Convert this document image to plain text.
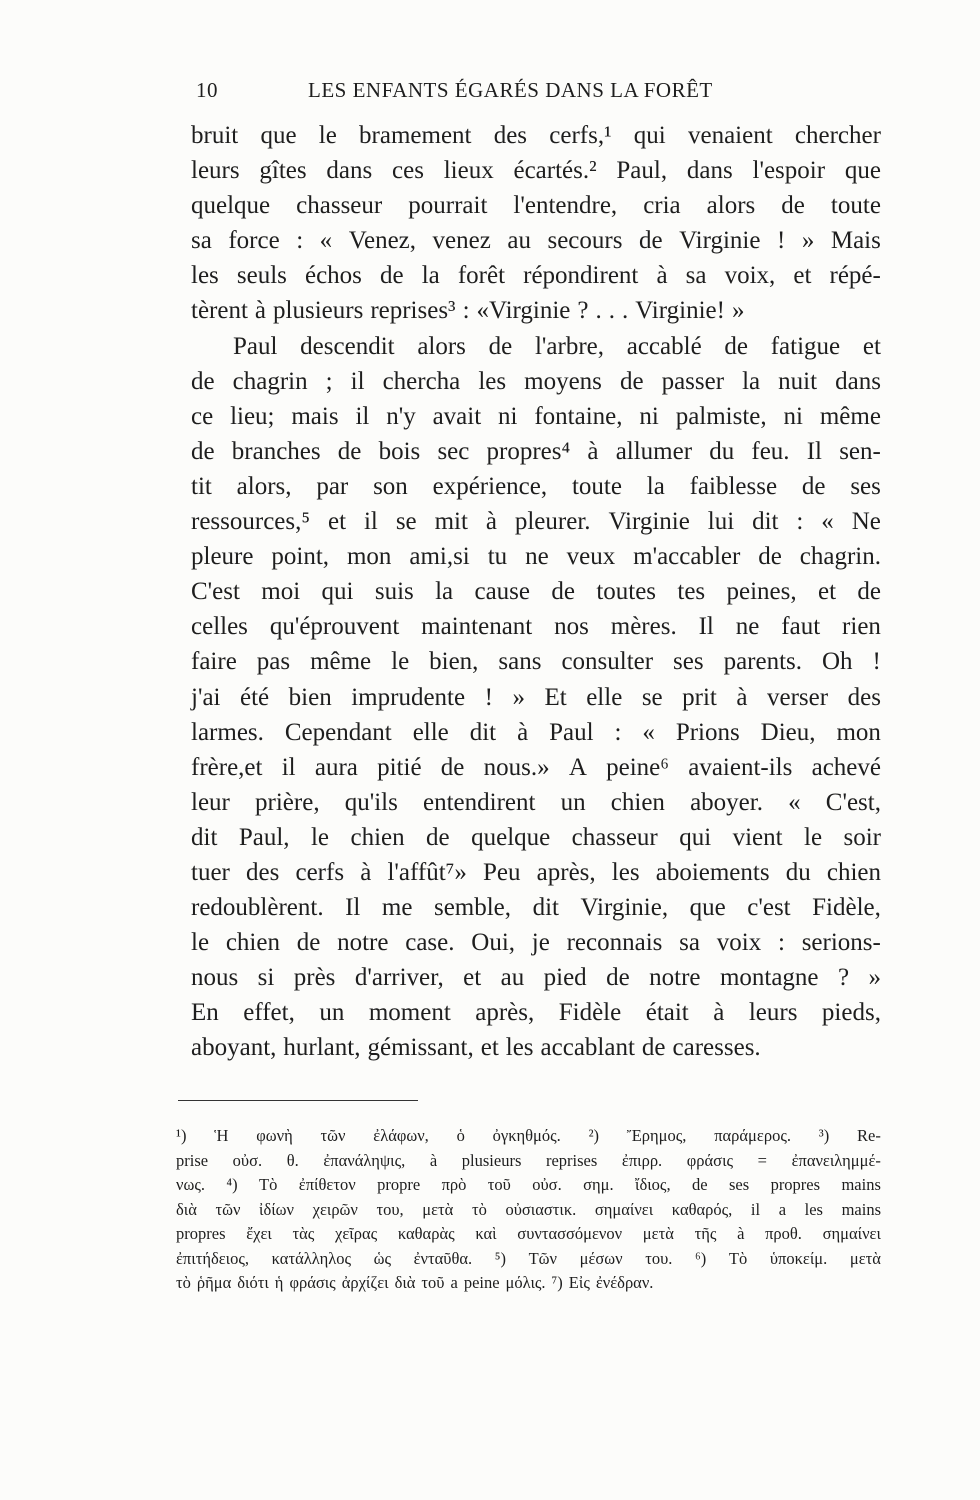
10	LES ENFANTS ÉGARÉS DANS LA FORÊT
bruit que le bramement des cerfs,¹ qui venaient chercher
leurs gîtes dans ces lieux écartés.² Paul, dans l'espoir que
quelque chasseur pourrait l'entendre, cria alors de toute
sa force : « Venez, venez au secours de Virginie ! » Mais
les seuls échos de la forêt répondirent à sa voix, et répé-
tèrent à plusieurs reprises³ : «Virginie ? . . . Virginie! »
Paul descendit alors de l'arbre, accablé de fatigue et
de chagrin ; il chercha les moyens de passer la nuit dans
ce lieu; mais il n'y avait ni fontaine, ni palmiste, ni même
de branches de bois sec propres⁴ à allumer du feu. Il sen-
tit alors, par son expérience, toute la faiblesse de ses
ressources,⁵ et il se mit à pleurer. Virginie lui dit : « Ne
pleure point, mon ami,si tu ne veux m'accabler de chagrin.
C'est moi qui suis la cause de toutes tes peines, et de
celles qu'éprouvent maintenant nos mères. Il ne faut rien
faire pas même le bien, sans consulter ses parents. Oh !
j'ai été bien imprudente ! » Et elle se prit à verser des
larmes. Cependant elle dit à Paul : « Prions Dieu, mon
frère,et il aura pitié de nous.» A peine⁶ avaient-ils achevé
leur prière, qu'ils entendirent un chien aboyer. « C'est,
dit Paul, le chien de quelque chasseur qui vient le soir
tuer des cerfs à l'affût⁷» Peu après, les aboiements du chien
redoublèrent. Il me semble, dit Virginie, que c'est Fidèle,
le chien de notre case. Oui, je reconnais sa voix : serions-
nous si près d'arriver, et au pied de notre montagne ? »
En effet, un moment après, Fidèle était à leurs pieds,
aboyant, hurlant, gémissant, et les accablant de caresses.
¹) Ἡ φωνὴ τῶν ἐλάφων, ὁ ὀγκηθμός. ²) Ἔρημος, παράμερος. ³) Re-
prise οὐσ. θ. ἐπανάληψις, à plusieurs reprises ἐπιρρ. φράσις = ἐπανειλημμέ-
νως. ⁴) Τὸ ἐπίθετον propre πρὸ τοῦ οὐσ. σημ. ἴδιος, de ses propres mains
διὰ τῶν ἰδίων χειρῶν του, μετὰ τὸ οὐσιαστικ. σημαίνει καθαρός, il a les mains
propres ἔχει τὰς χεῖρας καθαρὰς καὶ συντασσόμενον μετὰ τῆς à προθ. σημαίνει
ἐπιτήδειος, κατάλληλος ὡς ἐνταῦθα. ⁵) Τῶν μέσων του. ⁶) Τὸ ὑποκείμ. μετὰ
τὸ ῥῆμα διότι ἡ φράσις ἀρχίζει διὰ τοῦ a peine μόλις. ⁷) Εἰς ἐνέδραν.
